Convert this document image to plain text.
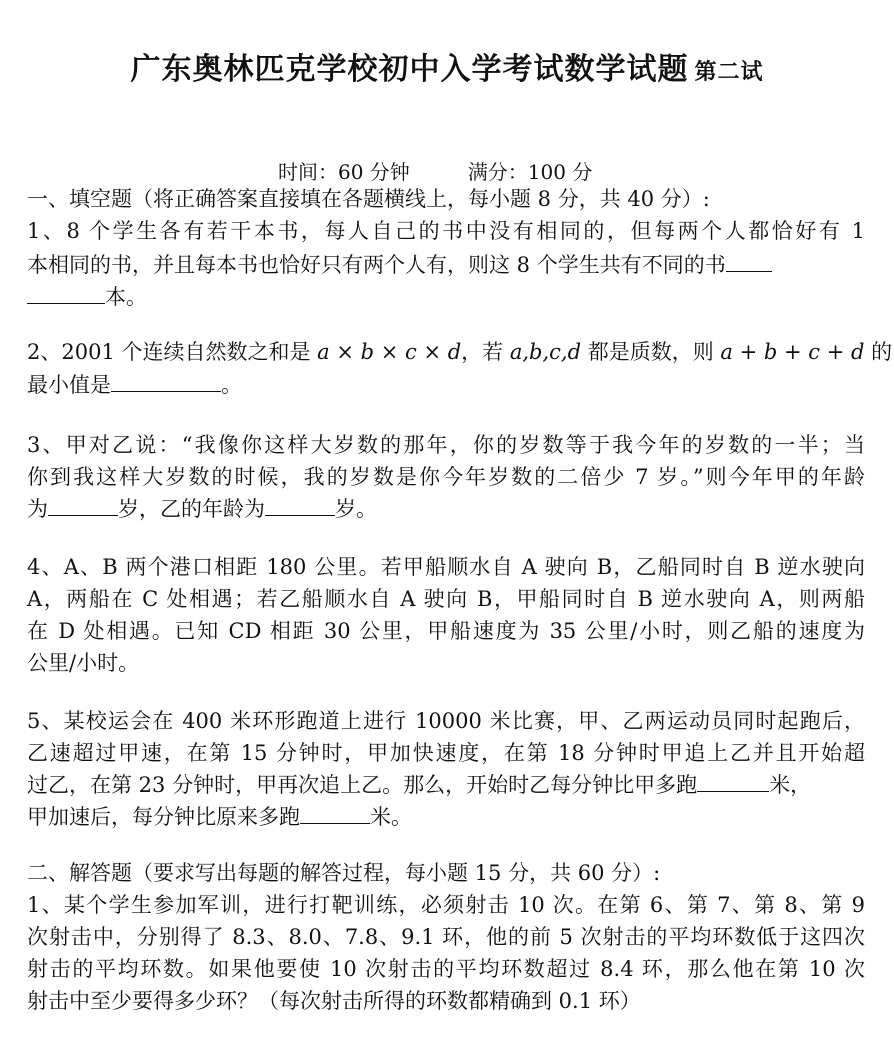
广东奥林匹克学校初中入学考试数学试题 第二试
时间：60 分钟	满分：100 分
一、填空题（将正确答案直接填在各题横线上，每小题 8 分，共 40 分）:
1、8 个学生各有若干本书，每人自己的书中没有相同的，但每两个人都恰好有 1
本相同的书，并且每本书也恰好只有两个人有，则这 8 个学生共有不同的书
本。
2、2001 个连续自然数之和是 a × b × c × d，若 a,b,c,d 都是质数，则 a + b + c + d 的
最小值是	。
3、甲对乙说：“我像你这样大岁数的那年，你的岁数等于我今年的岁数的一半；当
你到我这样大岁数的时候，我的岁数是你今年岁数的二倍少 7 岁。”则今年甲的年龄
为	岁，乙的年龄为	岁。
4、A、B 两个港口相距 180 公里。若甲船顺水自 A 驶向 B，乙船同时自 B 逆水驶向
A，两船在 C 处相遇；若乙船顺水自 A 驶向 B，甲船同时自 B 逆水驶向 A，则两船
在 D 处相遇。已知 CD 相距 30 公里，甲船速度为 35 公里/小时，则乙船的速度为
公里/小时。
5、某校运会在 400 米环形跑道上进行 10000 米比赛，甲、乙两运动员同时起跑后，
乙速超过甲速，在第 15 分钟时，甲加快速度，在第 18 分钟时甲追上乙并且开始超
过乙，在第 23 分钟时，甲再次追上乙。那么，开始时乙每分钟比甲多跑	米，
甲加速后，每分钟比原来多跑	米。
二、解答题（要求写出每题的解答过程，每小题 15 分，共 60 分）:
1、某个学生参加军训，进行打靶训练，必须射击 10 次。在第 6、第 7、第 8、第 9
次射击中，分别得了 8.3、8.0、7.8、9.1 环，他的前 5 次射击的平均环数低于这四次
射击的平均环数。如果他要使 10 次射击的平均环数超过 8.4 环，那么他在第 10 次
射击中至少要得多少环？（每次射击所得的环数都精确到 0.1 环）
